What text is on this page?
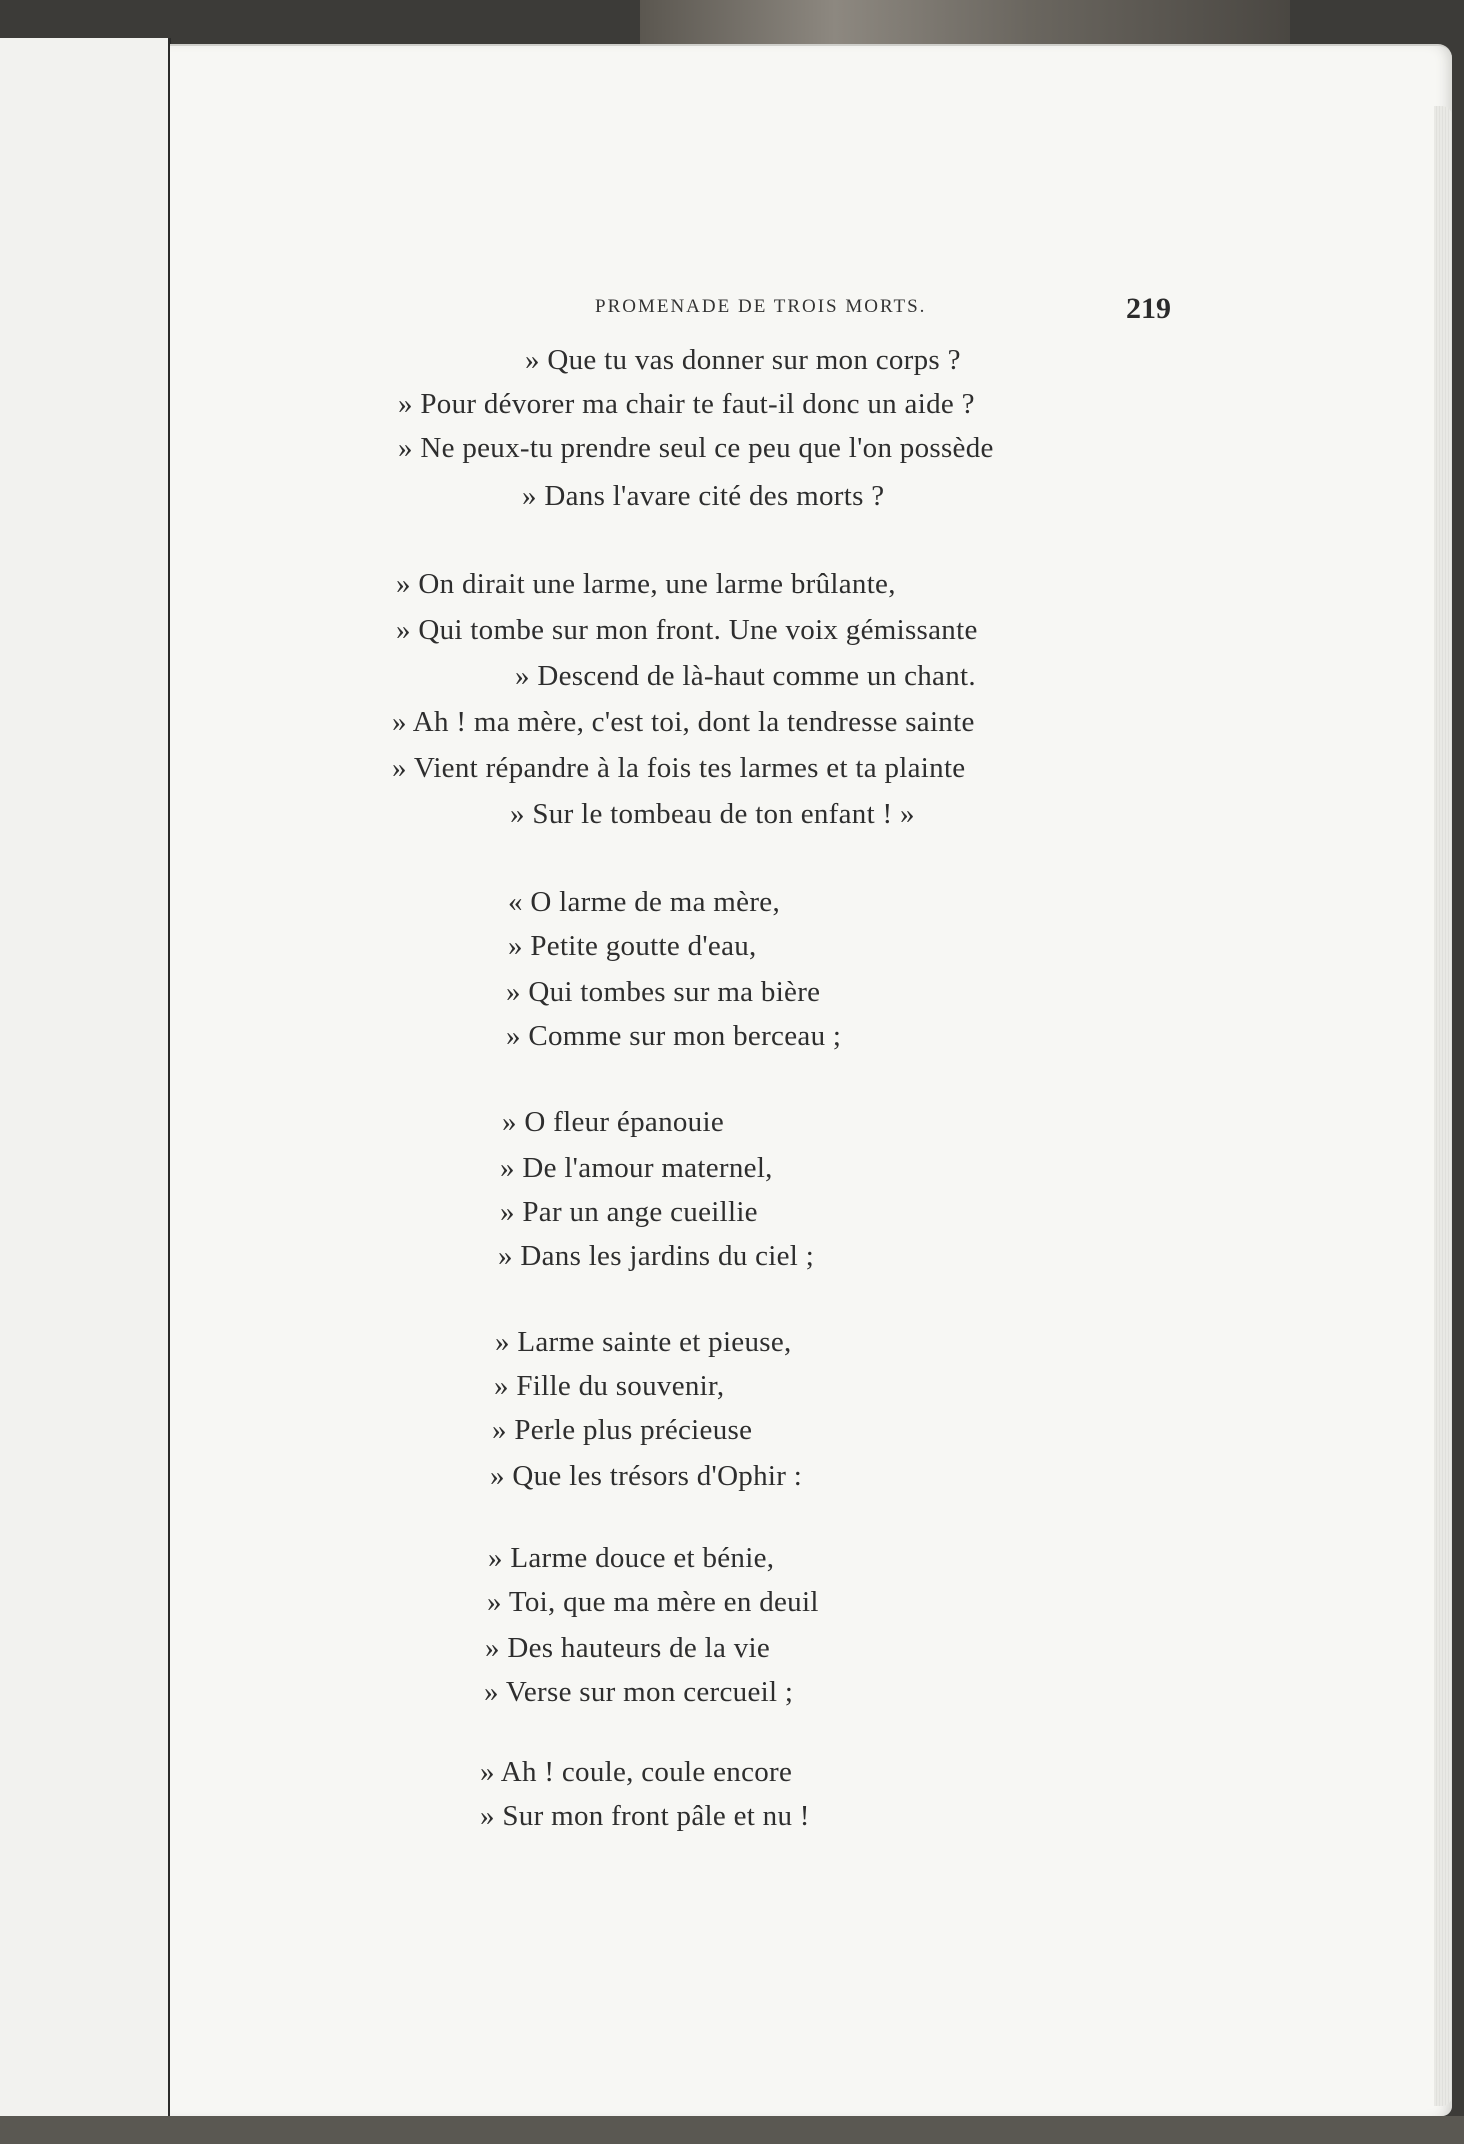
PROMENADE DE TROIS MORTS.	219
» Que tu vas donner sur mon corps ?
» Pour dévorer ma chair te faut-il donc un aide ?
» Ne peux-tu prendre seul ce peu que l'on possède
» Dans l'avare cité des morts ?
» On dirait une larme, une larme brûlante,
» Qui tombe sur mon front. Une voix gémissante
» Descend de là-haut comme un chant.
» Ah ! ma mère, c'est toi, dont la tendresse sainte
» Vient répandre à la fois tes larmes et ta plainte
» Sur le tombeau de ton enfant ! »
« O larme de ma mère,
» Petite goutte d'eau,
» Qui tombes sur ma bière
» Comme sur mon berceau ;
» O fleur épanouie
» De l'amour maternel,
» Par un ange cueillie
» Dans les jardins du ciel ;
» Larme sainte et pieuse,
» Fille du souvenir,
» Perle plus précieuse
» Que les trésors d'Ophir :
» Larme douce et bénie,
» Toi, que ma mère en deuil
» Des hauteurs de la vie
» Verse sur mon cercueil ;
» Ah ! coule, coule encore
» Sur mon front pâle et nu !
